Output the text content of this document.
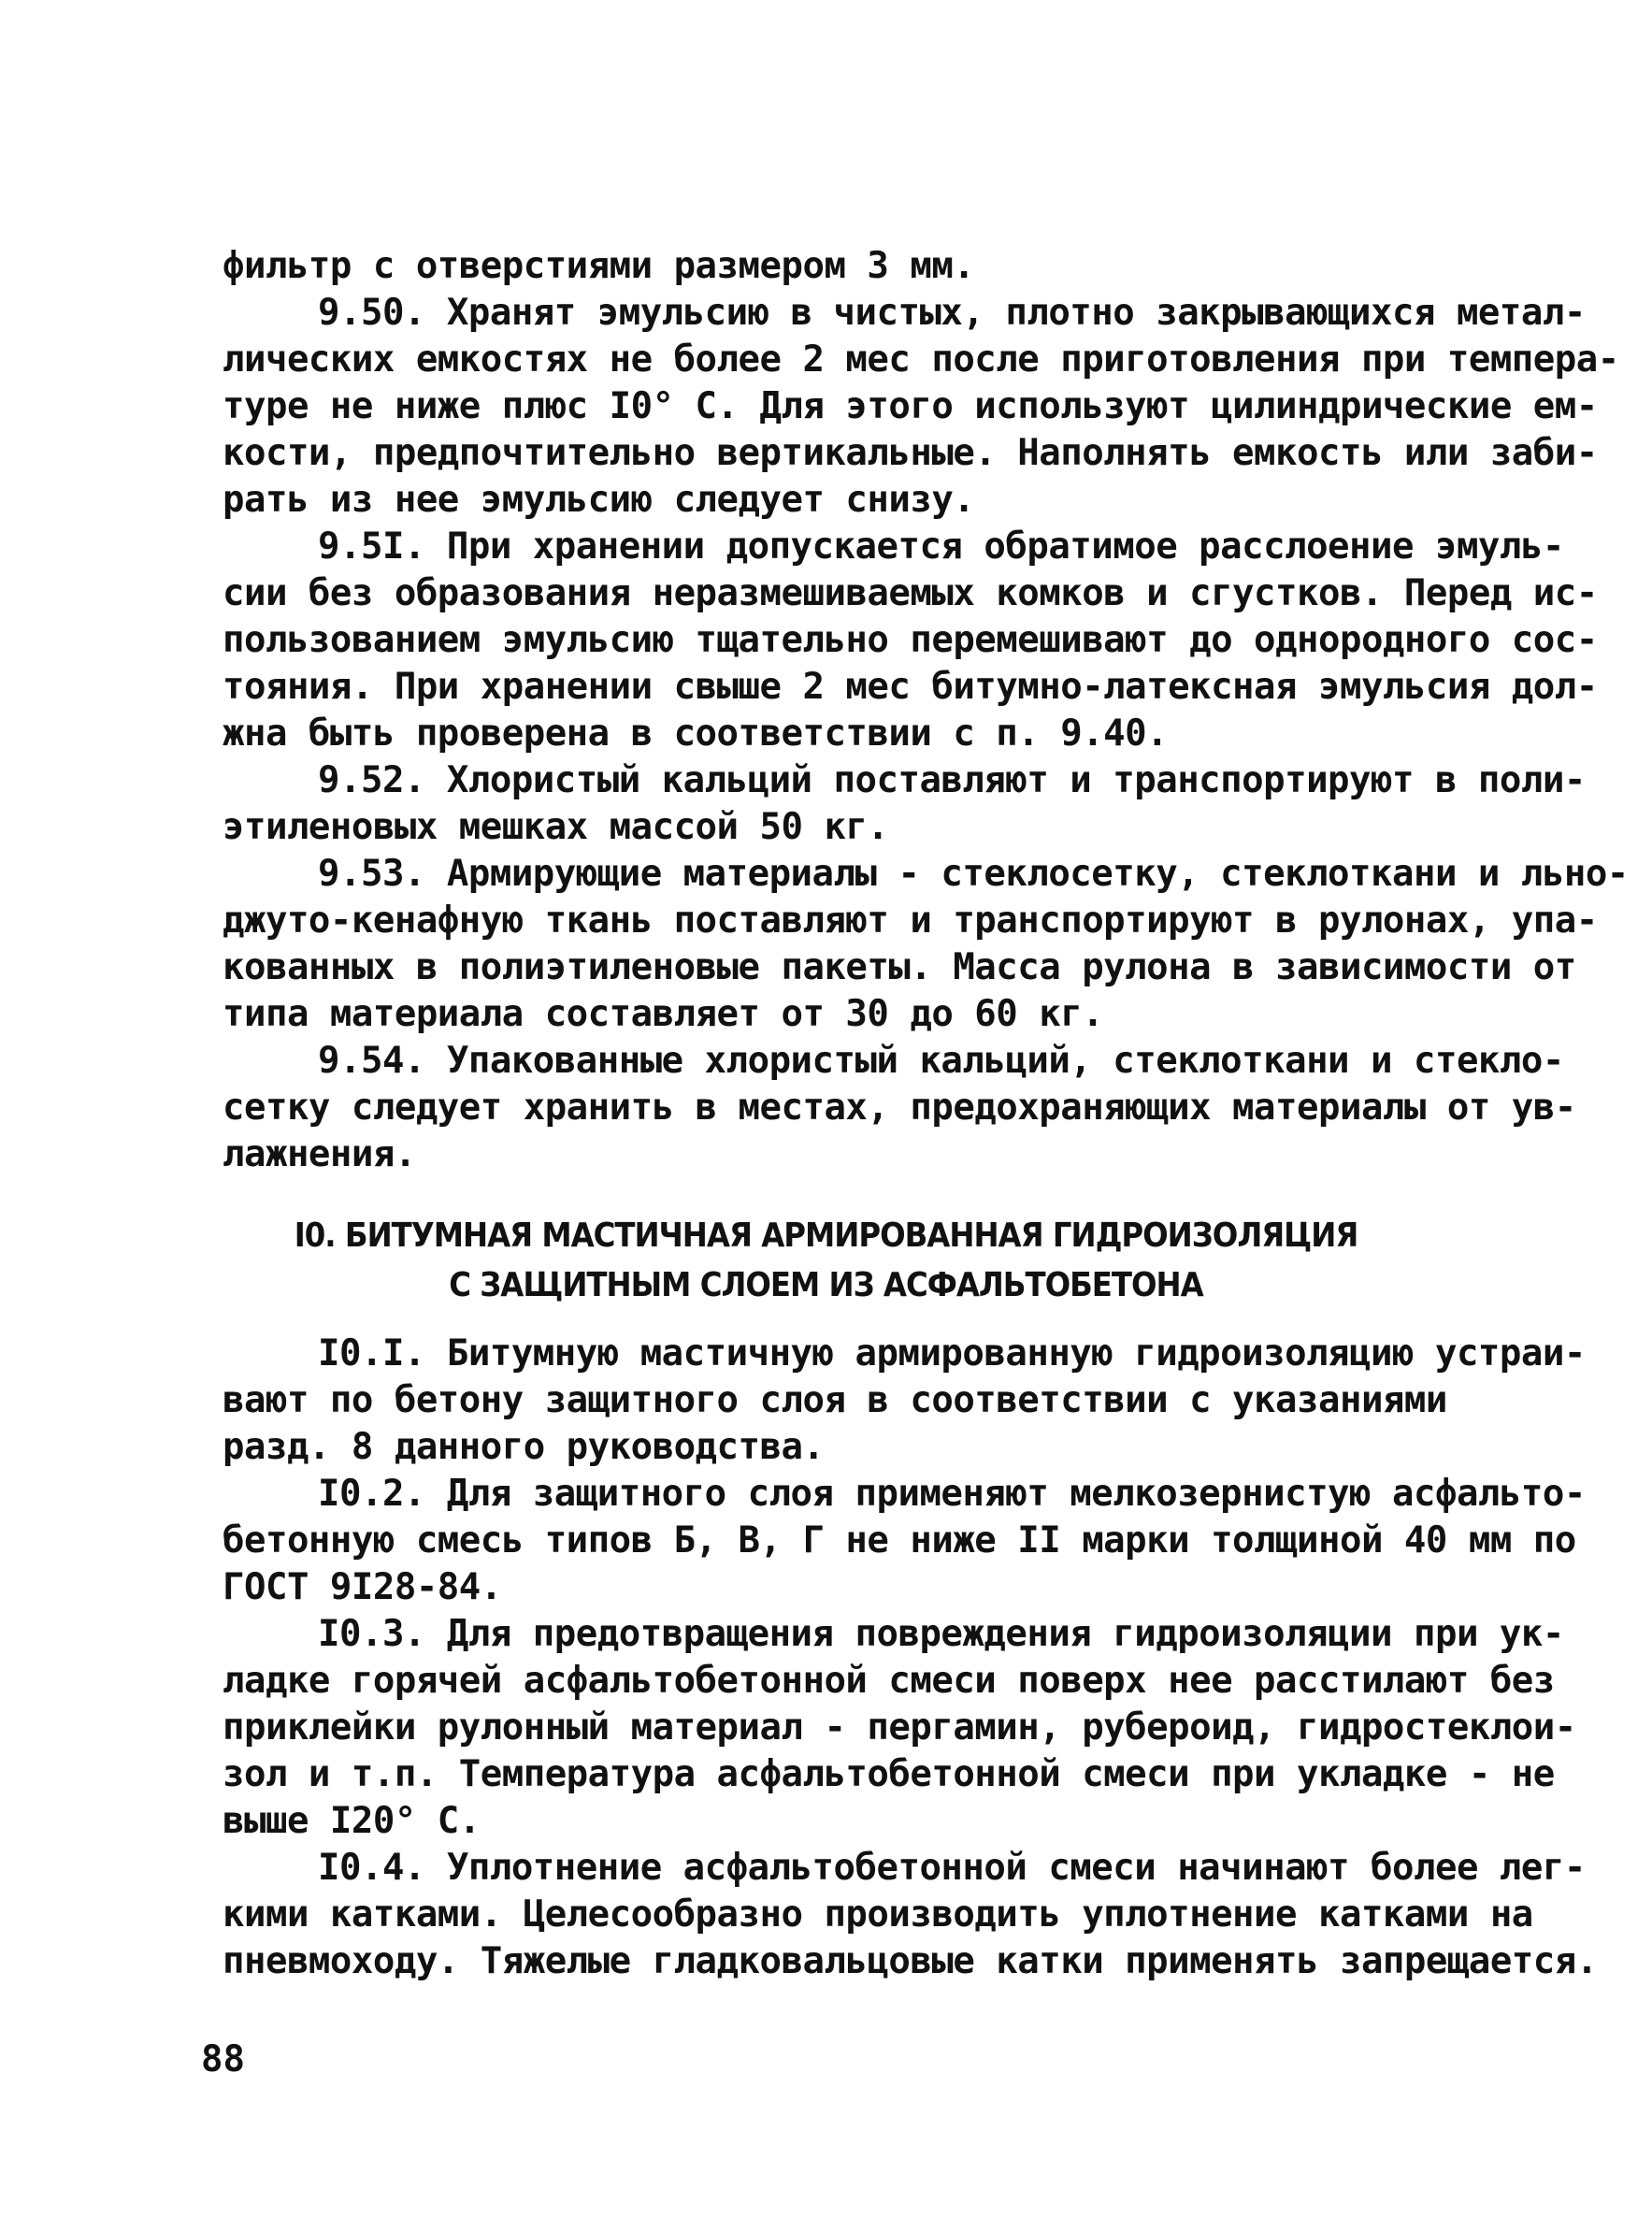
фильтр с отверстиями размером 3 мм.
9.50. Хранят эмульсию в чистых, плотно закрывающихся метал-
лических емкостях не более 2 мес после приготовления при темпера-
туре не ниже плюс I0° С. Для этого используют цилиндрические ем-
кости, предпочтительно вертикальные. Наполнять емкость или заби-
рать из нее эмульсию следует снизу.
9.5I. При хранении допускается обратимое расслоение эмуль-
сии без образования неразмешиваемых комков и сгустков. Перед ис-
пользованием эмульсию тщательно перемешивают до однородного сос-
тояния. При хранении свыше 2 мес битумно-латексная эмульсия дол-
жна быть проверена в соответствии с п. 9.40.
9.52. Хлористый кальций поставляют и транспортируют в поли-
этиленовых мешках массой 50 кг.
9.53. Армирующие материалы - стеклосетку, стеклоткани и льно-
джуто-кенафную ткань поставляют и транспортируют в рулонах, упа-
кованных в полиэтиленовые пакеты. Масса рулона в зависимости от
типа материала составляет от 30 до 60 кг.
9.54. Упакованные хлористый кальций, стеклоткани и стекло-
сетку следует хранить в местах, предохраняющих материалы от ув-
лажнения.
I0. БИТУМНАЯ МАСТИЧНАЯ АРМИРОВАННАЯ ГИДРОИЗОЛЯЦИЯ
С ЗАЩИТНЫМ СЛОЕМ ИЗ АСФАЛЬТОБЕТОНА
I0.I. Битумную мастичную армированную гидроизоляцию устраи-
вают по бетону защитного слоя в соответствии с указаниями
разд. 8 данного руководства.
I0.2. Для защитного слоя применяют мелкозернистую асфальто-
бетонную смесь типов Б, В, Г не ниже II марки толщиной 40 мм по
ГОСТ 9I28-84.
I0.3. Для предотвращения повреждения гидроизоляции при ук-
ладке горячей асфальтобетонной смеси поверх нее расстилают без
приклейки рулонный материал - пергамин, рубероид, гидростеклои-
зол и т.п. Температура асфальтобетонной смеси при укладке - не
выше I20° С.
I0.4. Уплотнение асфальтобетонной смеси начинают более лег-
кими катками. Целесообразно производить уплотнение катками на
пневмоходу. Тяжелые гладковальцовые катки применять запрещается.
88
